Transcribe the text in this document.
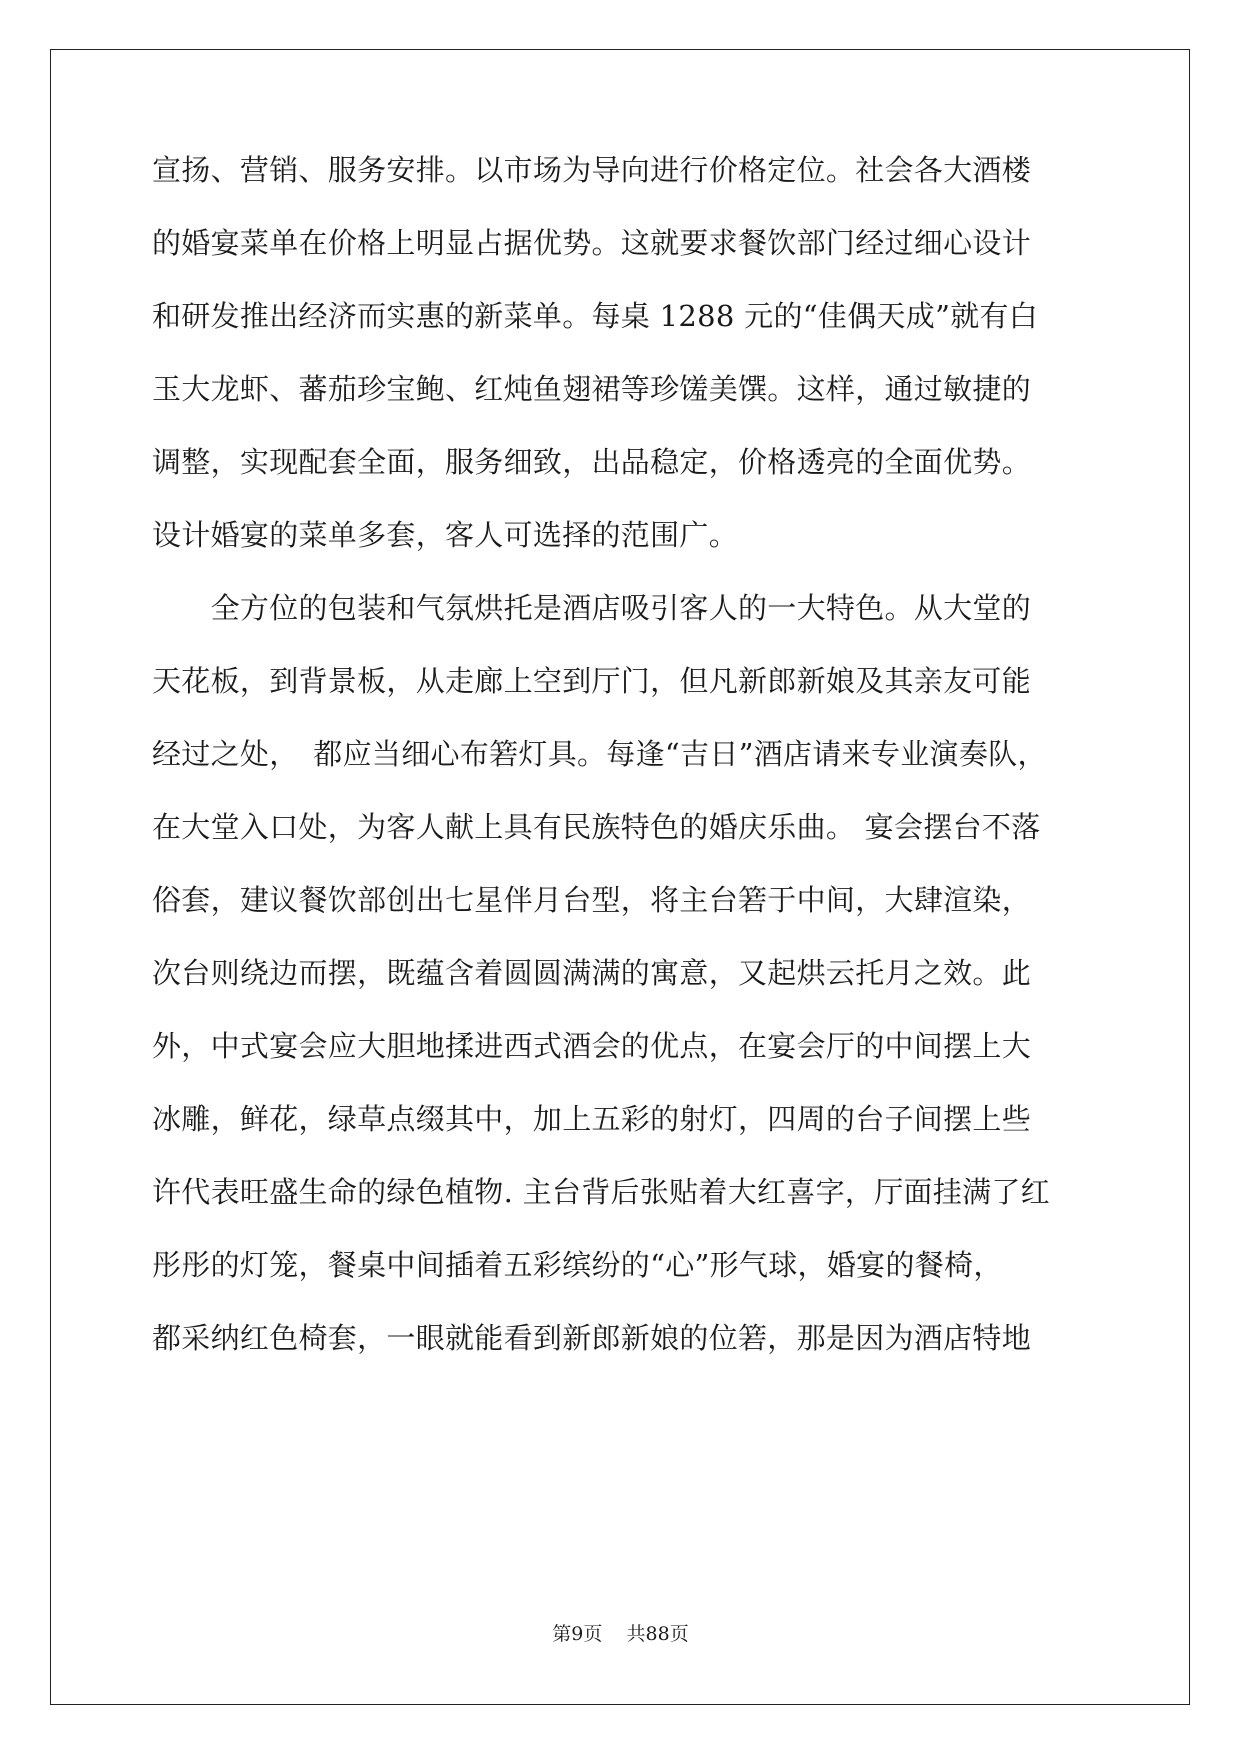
宣扬、营销、服务安排。以市场为导向进行价格定位。社会各大酒楼
的婚宴菜单在价格上明显占据优势。这就要求餐饮部门经过细心设计
和研发推出经济而实惠的新菜单。每桌 1288 元的“佳偶天成”就有白
玉大龙虾、蕃茄珍宝鲍、红炖鱼翅裙等珍馐美馔。这样，通过敏捷的
调整，实现配套全面，服务细致，出品稳定，价格透亮的全面优势。
设计婚宴的菜单多套，客人可选择的范围广。
　　全方位的包装和气氛烘托是酒店吸引客人的一大特色。从大堂的
天花板，到背景板，从走廊上空到厅门，但凡新郎新娘及其亲友可能
经过之处，　都应当细心布箬灯具。每逢“吉日”酒店请来专业演奏队，
在大堂入口处，为客人献上具有民族特色的婚庆乐曲。 宴会摆台不落
俗套，建议餐饮部创出七星伴月台型，将主台箬于中间，大肆渲染，
次台则绕边而摆，既蕴含着圆圆满满的寓意，又起烘云托月之效。此
外，中式宴会应大胆地揉进西式酒会的优点，在宴会厅的中间摆上大
冰雕，鲜花，绿草点缀其中，加上五彩的射灯，四周的台子间摆上些
许代表旺盛生命的绿色植物. 主台背后张贴着大红喜字，厅面挂满了红
彤彤的灯笼，餐桌中间插着五彩缤纷的“心”形气球，婚宴的餐椅，
都采纳红色椅套，一眼就能看到新郎新娘的位箬，那是因为酒店特地
第9页 共88页
